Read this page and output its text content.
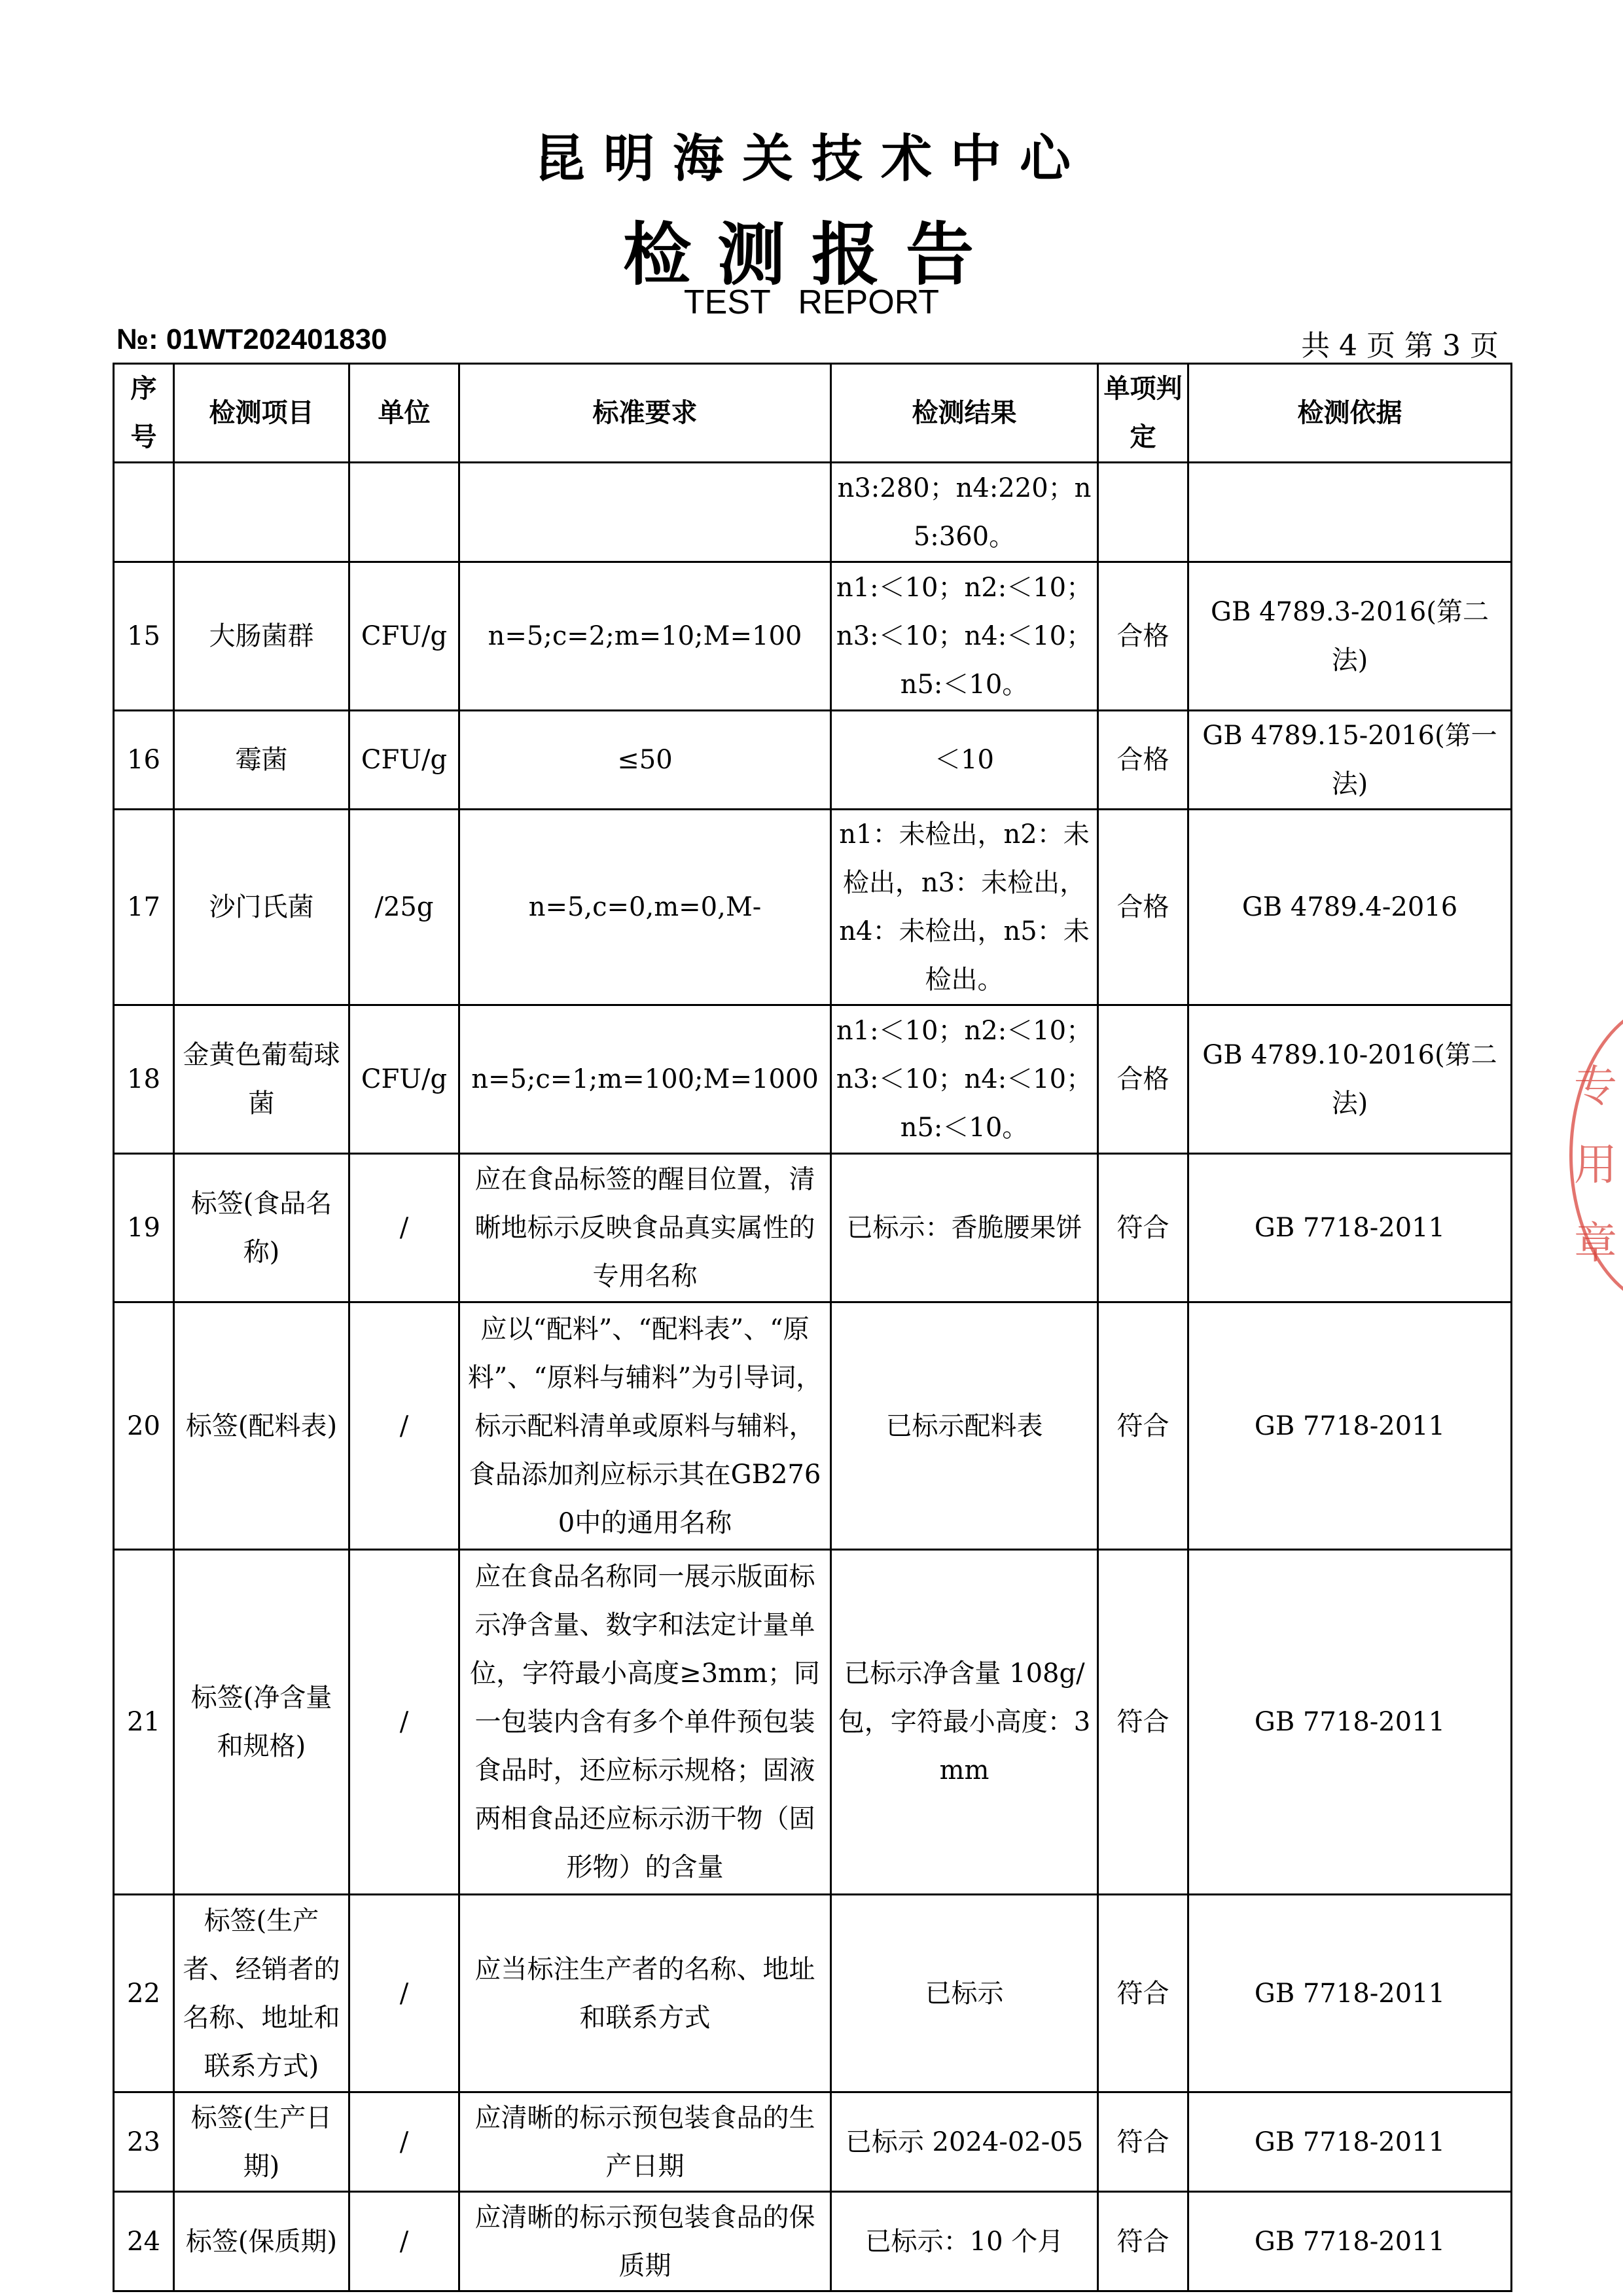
昆明海关技术中心
检测报告
TEST REPORT
№: 01WT202401830	共 4 页 第 3 页
序号	检测项目	单位	标准要求	检测结果	单项判定	检测依据
				n3:280；n4:220；n5:360。		
15	大肠菌群	CFU/g	n=5;c=2;m=10;M=100	n1:＜10；n2:＜10；n3:＜10；n4:＜10；n5:＜10。	合格	GB 4789.3-2016(第二法)
16	霉菌	CFU/g	≤50	＜10	合格	GB 4789.15-2016(第一法)
17	沙门氏菌	/25g	n=5,c=0,m=0,M-	n1：未检出，n2：未检出，n3：未检出，n4：未检出，n5：未检出。	合格	GB 4789.4-2016
18	金黄色葡萄球菌	CFU/g	n=5;c=1;m=100;M=1000	n1:＜10；n2:＜10；n3:＜10；n4:＜10；n5:＜10。	合格	GB 4789.10-2016(第二法)
19	标签(食品名称)	/	应在食品标签的醒目位置，清晰地标示反映食品真实属性的专用名称	已标示：香脆腰果饼	符合	GB 7718-2011
20	标签(配料表)	/	应以“配料”、“配料表”、“原料”、“原料与辅料”为引导词，标示配料清单或原料与辅料，食品添加剂应标示其在GB2760中的通用名称	已标示配料表	符合	GB 7718-2011
21	标签(净含量和规格)	/	应在食品名称同一展示版面标示净含量、数字和法定计量单位，字符最小高度≥3mm；同一包装内含有多个单件预包装食品时，还应标示规格；固液两相食品还应标示沥干物（固形物）的含量	已标示净含量 108g/包，字符最小高度：3mm	符合	GB 7718-2011
22	标签(生产者、经销者的名称、地址和联系方式)	/	应当标注生产者的名称、地址和联系方式	已标示	符合	GB 7718-2011
23	标签(生产日期)	/	应清晰的标示预包装食品的生产日期	已标示 2024-02-05	符合	GB 7718-2011
24	标签(保质期)	/	应清晰的标示预包装食品的保质期	已标示：10 个月	符合	GB 7718-2011
专用章
